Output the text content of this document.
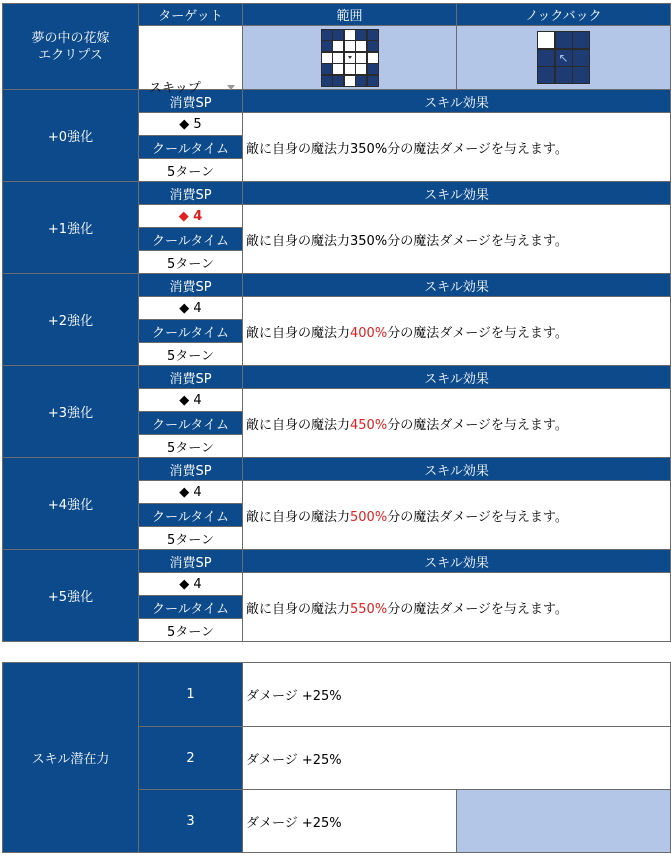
夢の中の花嫁
エクリプス	ターゲット	範囲	ノックバック

	スキップ		↖

+0強化	消費SP	スキル効果	
	◆ 5	敵に自身の魔法力350%分の魔法ダメージを与えます。	
	クールタイム		
	5ターン		
+1強化	消費SP	スキル効果	
	◆ 4	敵に自身の魔法力350%分の魔法ダメージを与えます。	
	クールタイム		
	5ターン		
+2強化	消費SP	スキル効果	
	◆ 4	敵に自身の魔法力400%分の魔法ダメージを与えます。	
	クールタイム		
	5ターン		
+3強化	消費SP	スキル効果	
	◆ 4	敵に自身の魔法力450%分の魔法ダメージを与えます。	
	クールタイム		
	5ターン		
+4強化	消費SP	スキル効果	
	◆ 4	敵に自身の魔法力500%分の魔法ダメージを与えます。	
	クールタイム		
	5ターン		
+5強化	消費SP	スキル効果	
	◆ 4	敵に自身の魔法力550%分の魔法ダメージを与えます。	
	クールタイム		
	5ターン		
スキル潜在力	1	ダメージ +25%	
	2	ダメージ +25%	
	3	ダメージ +25%	
